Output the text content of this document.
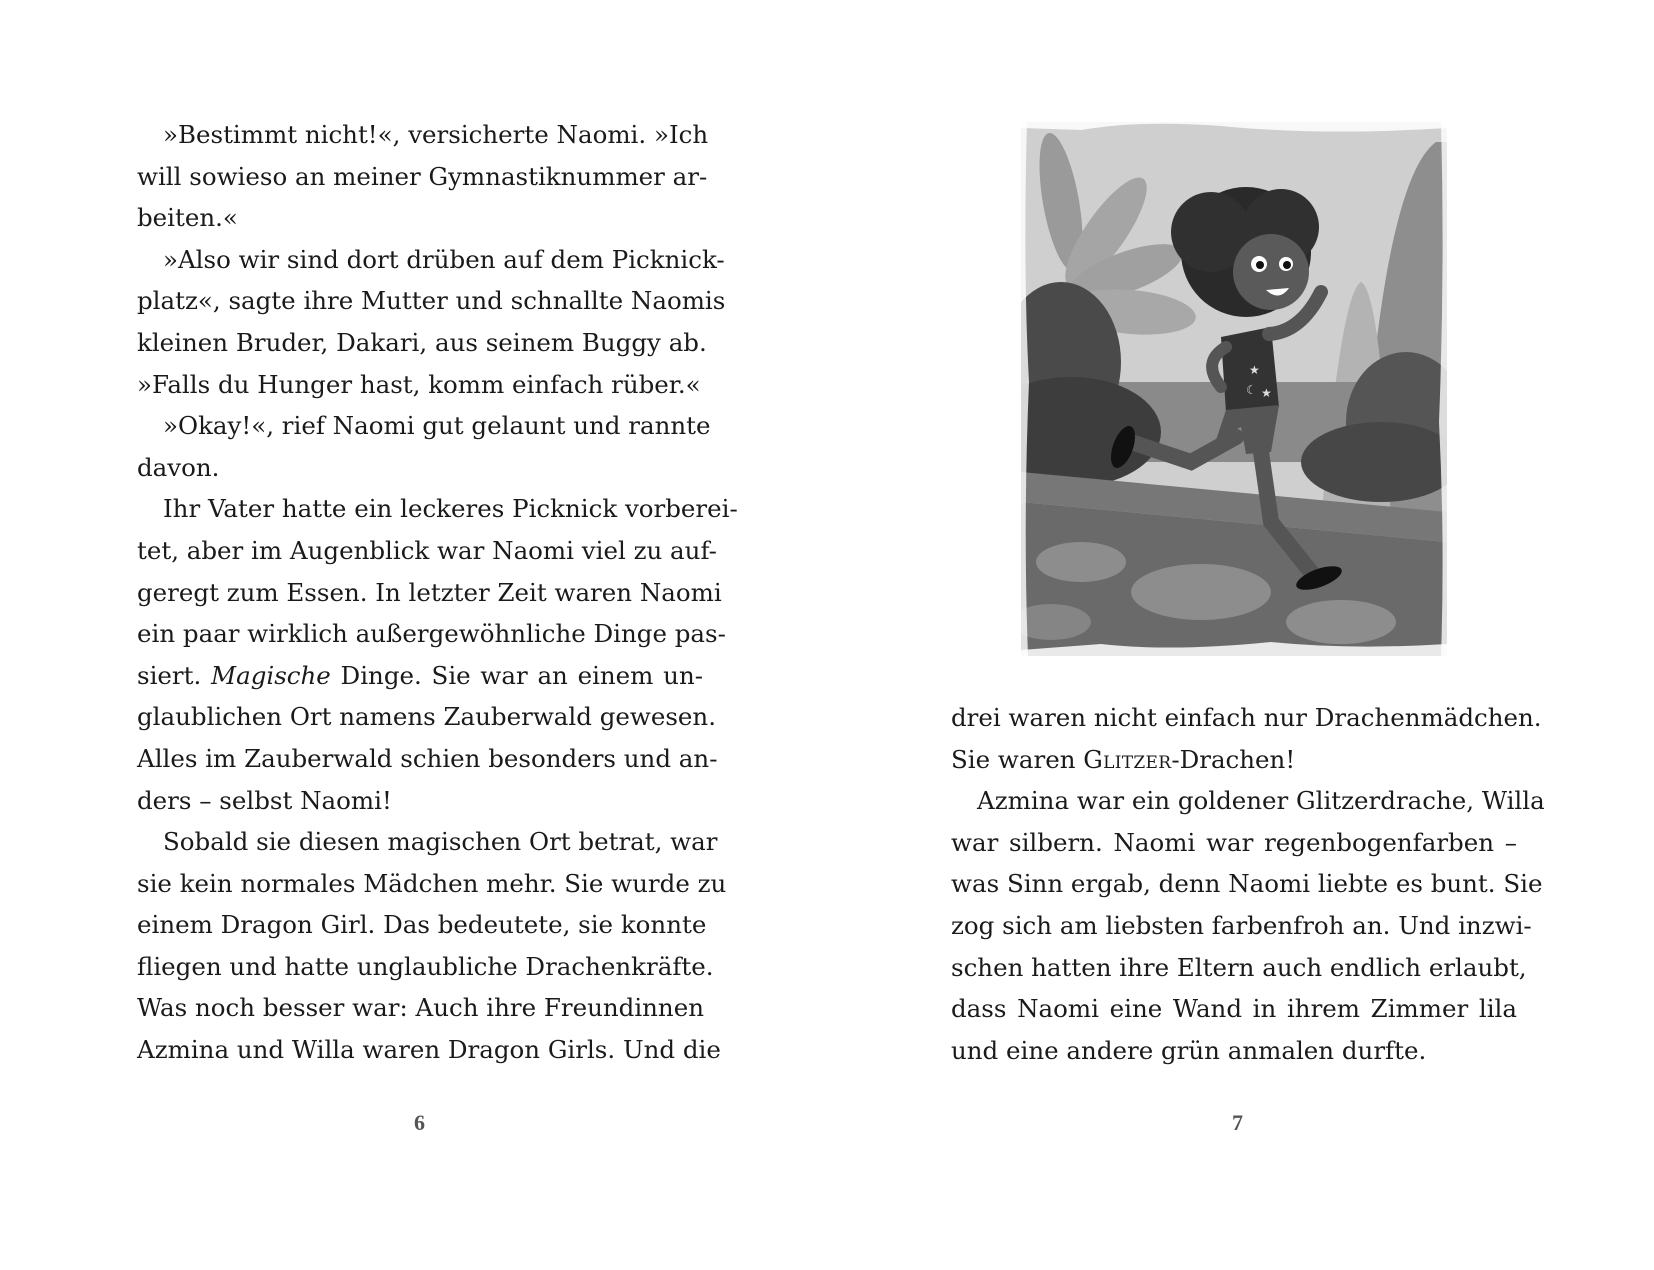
»Bestimmt nicht!«, versicherte Naomi. »Ich
will sowieso an meiner Gymnastiknummer ar-
beiten.«
»Also wir sind dort drüben auf dem Picknick-
platz«, sagte ihre Mutter und schnallte Naomis
kleinen Bruder, Dakari, aus seinem Buggy ab.
»Falls du Hunger hast, komm einfach rüber.«
»Okay!«, rief Naomi gut gelaunt und rannte
davon.
Ihr Vater hatte ein leckeres Picknick vorberei-
tet, aber im Augenblick war Naomi viel zu auf-
geregt zum Essen. In letzter Zeit waren Naomi
ein paar wirklich außergewöhnliche Dinge pas-
siert. Magische Dinge. Sie war an einem un-
glaublichen Ort namens Zauberwald gewesen.
Alles im Zauberwald schien besonders und an-
ders – selbst Naomi!
Sobald sie diesen magischen Ort betrat, war
sie kein normales Mädchen mehr. Sie wurde zu
einem Dragon Girl. Das bedeutete, sie konnte
fliegen und hatte unglaubliche Drachenkräfte.
Was noch besser war: Auch ihre Freundinnen
Azmina und Willa waren Dragon Girls. Und die
6
★
☾ ★
drei waren nicht einfach nur Drachenmädchen.
Sie waren Glitzer-Drachen!
Azmina war ein goldener Glitzerdrache, Willa
war silbern. Naomi war regenbogenfarben –
was Sinn ergab, denn Naomi liebte es bunt. Sie
zog sich am liebsten farbenfroh an. Und inzwi-
schen hatten ihre Eltern auch endlich erlaubt,
dass Naomi eine Wand in ihrem Zimmer lila
und eine andere grün anmalen durfte.
7
